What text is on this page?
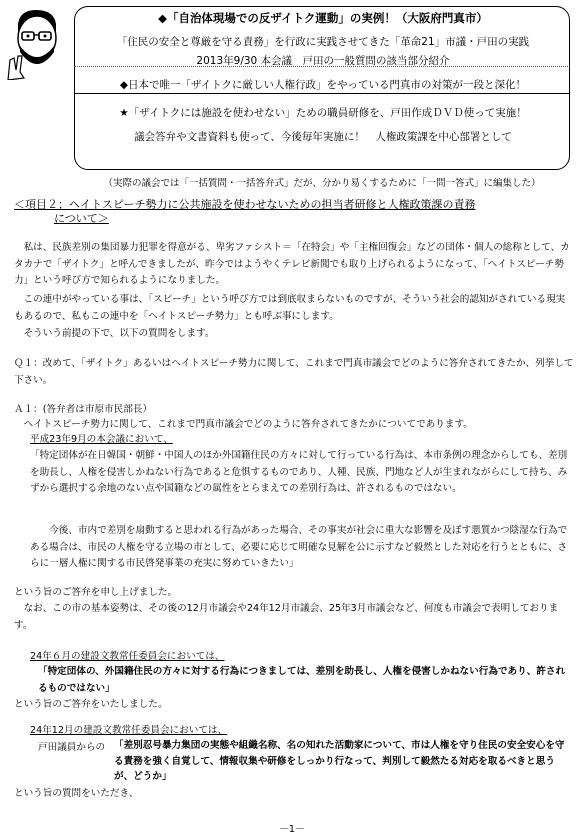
◆「自治体現場での反ザイトク運動」の実例！（大阪府門真市）
「住民の安全と尊厳を守る責務」を行政に実践させてきた「革命21」市議・戸田の実践
2013年9/30 本会議　戸田の一般質問の該当部分紹介
◆日本で唯一「ザイトクに厳しい人権行政」をやっている門真市の対策が一段と深化！
★「ザイトクには施設を使わせない」ための職員研修を、戸田作成ＤＶＤ使って実施！
議会答弁や文書資料も使って、今後毎年実施に！　人権政策課を中心部署として
（実際の議会では「一括質問・一括答弁式」だが、分かり易くするために「一問一答式」に編集した）
＜項目２；ヘイトスピーチ勢力に公共施設を使わせないための担当者研修と人権政策課の責務
について＞
　私は、民族差別の集団暴力犯罪を得意がる、卑劣ファシスト＝「在特会」や「主権回復会」などの団体・個人の総称として、カタカナで「ザイトク」と呼んできましたが、昨今ではようやくテレビ新聞でも取り上げられるようになって、「ヘイトスピーチ勢力」という呼び方で知られるようになりました。
　この連中がやっている事は、「スピーチ」という呼び方では到底収まらないものですが、そういう社会的認知がされている現実もあるので、私もこの連中を「ヘイトスピーチ勢力」とも呼ぶ事にします。
　そういう前提の下で、以下の質問をします。
Ｑ１：改めて、「ザイトク」あるいはヘイトスピーチ勢力に関して、これまで門真市議会でどのように答弁されてきたか、列挙して下さい。
Ａ１：(答弁者は市原市民部長）
　ヘイトスピーチ勢力に関して、これまで門真市議会でどのように答弁されてきたかについてであります。
平成23年9月の本会議において、
「特定団体が在日韓国・朝鮮・中国人のほか外国籍住民の方々に対して行っている行為は、本市条例の理念からしても、差別を助長し、人権を侵害しかねない行為であると危惧するものであり、人種、民族、門地など人が生まれながらにして持ち、みずから選択する余地のない点や国籍などの属性をとらまえての差別行為は、許されるものではない。
今後、市内で差別を扇動すると思われる行為があった場合、その事実が社会に重大な影響を及ぼす悪質かつ陰湿な行為である場合は、市民の人権を守る立場の市として、必要に応じて明確な見解を公に示すなど毅然とした対応を行うとともに、さらに一層人権に関する市民啓発事業の充実に努めていきたい」
という旨のご答弁を申し上げました。
　なお、この市の基本姿勢は、その後の12月市議会や24年12月市議会、25年3月市議会など、何度も市議会で表明しております。
24年６月の建設文教常任委員会においては、
「特定団体の、外国籍住民の方々に対する行為につきましては、差別を助長し、人権を侵害しかねない行為であり、許されるものではない」
という旨のご答弁をいたしました。
24年12月の建設文教常任委員会においては、
戸田議員からの 「差別忍号暴力集団の実態や組織名称、名の知れた活動家について、市は人権を守り住民の安全安心を守る責務を強く自覚して、情報収集や研修をしっかり行なって、判別して毅然たる対応を取るべきと思うが、どうか」
という旨の質問をいただき、
－1－
